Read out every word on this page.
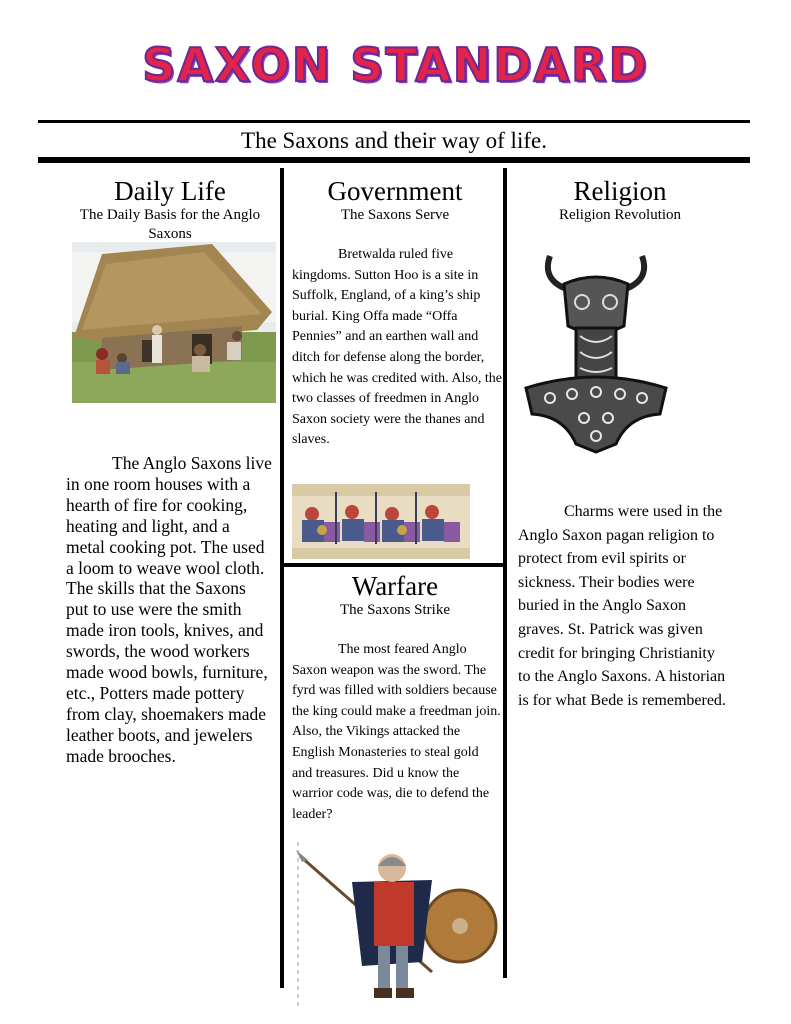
SAXON STANDARD
The Saxons and their way of life.
Daily Life
The Daily Basis for the Anglo Saxons
The Anglo Saxons live in one room houses with a hearth of fire for cooking, heating and light, and a metal cooking pot. The used a loom to weave wool cloth. The skills that the Saxons put to use were the smith made iron tools, knives, and swords, the wood workers made wood bowls, furniture, etc., Potters made pottery from clay, shoemakers made leather boots, and jewelers made brooches.
Government
The Saxons Serve
Bretwalda ruled five kingdoms. Sutton Hoo is a site in Suffolk, England, of a king’s ship burial. King Offa made “Offa Pennies” and an earthen wall and ditch for defense along the border, which he was credited with. Also, the two classes of freedmen in Anglo Saxon society were the thanes and slaves.
Warfare
The Saxons Strike
The most feared Anglo Saxon weapon was the sword. The fyrd was filled with soldiers because the king could make a freedman join. Also, the Vikings attacked the English Monasteries to steal gold and treasures. Did u know the warrior code was, die to defend the leader?
Religion
Religion Revolution
Charms were used in the Anglo Saxon pagan religion to protect from evil spirits or sickness. Their bodies were buried in the Anglo Saxon graves. St. Patrick was given credit for bringing Christianity to the Anglo Saxons. A historian is for what Bede is remembered.
